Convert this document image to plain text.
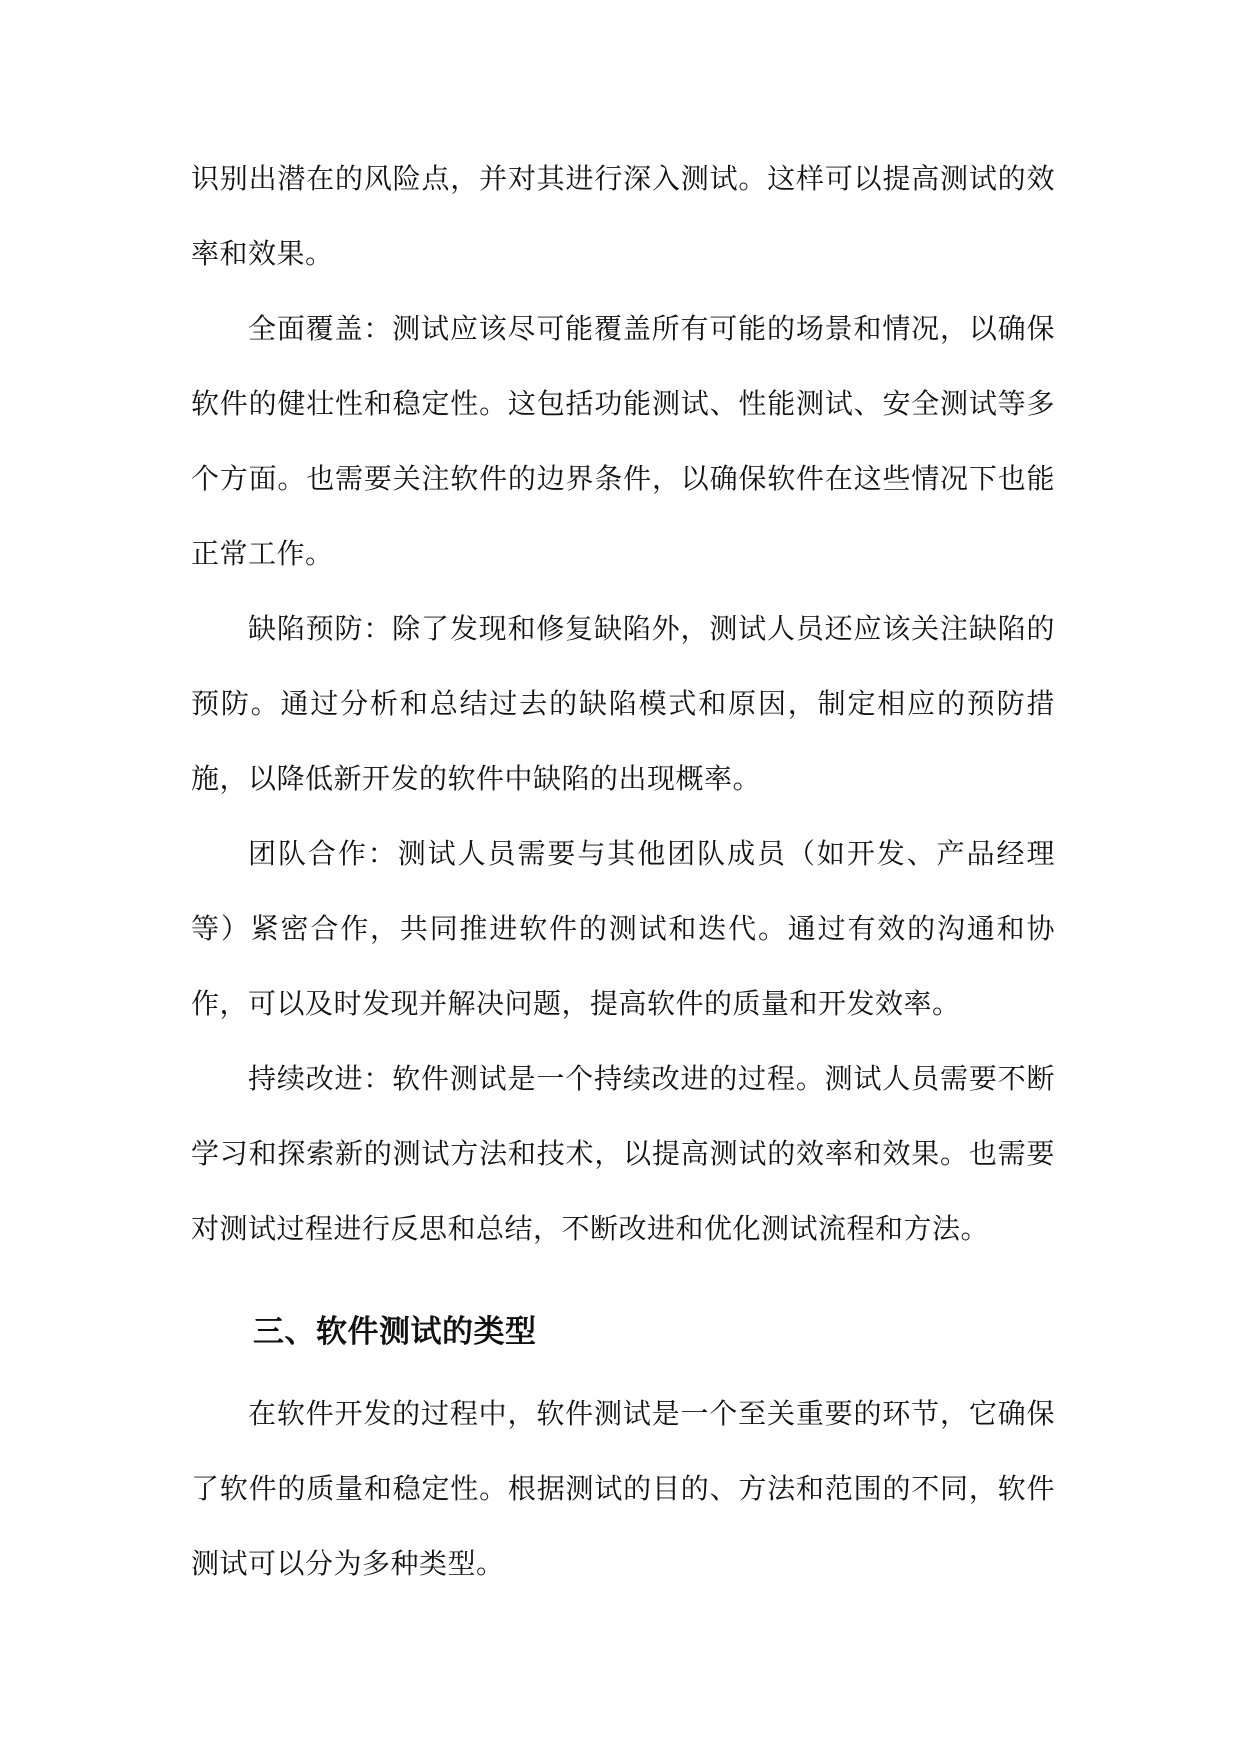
识别出潜在的风险点，并对其进行深入测试。这样可以提高测试的效率和效果。

全面覆盖：测试应该尽可能覆盖所有可能的场景和情况，以确保软件的健壮性和稳定性。这包括功能测试、性能测试、安全测试等多个方面。也需要关注软件的边界条件，以确保软件在这些情况下也能正常工作。

缺陷预防：除了发现和修复缺陷外，测试人员还应该关注缺陷的预防。通过分析和总结过去的缺陷模式和原因，制定相应的预防措施，以降低新开发的软件中缺陷的出现概率。

团队合作：测试人员需要与其他团队成员（如开发、产品经理等）紧密合作，共同推进软件的测试和迭代。通过有效的沟通和协作，可以及时发现并解决问题，提高软件的质量和开发效率。

持续改进：软件测试是一个持续改进的过程。测试人员需要不断学习和探索新的测试方法和技术，以提高测试的效率和效果。也需要对测试过程进行反思和总结，不断改进和优化测试流程和方法。

三、软件测试的类型

在软件开发的过程中，软件测试是一个至关重要的环节，它确保了软件的质量和稳定性。根据测试的目的、方法和范围的不同，软件测试可以分为多种类型。
